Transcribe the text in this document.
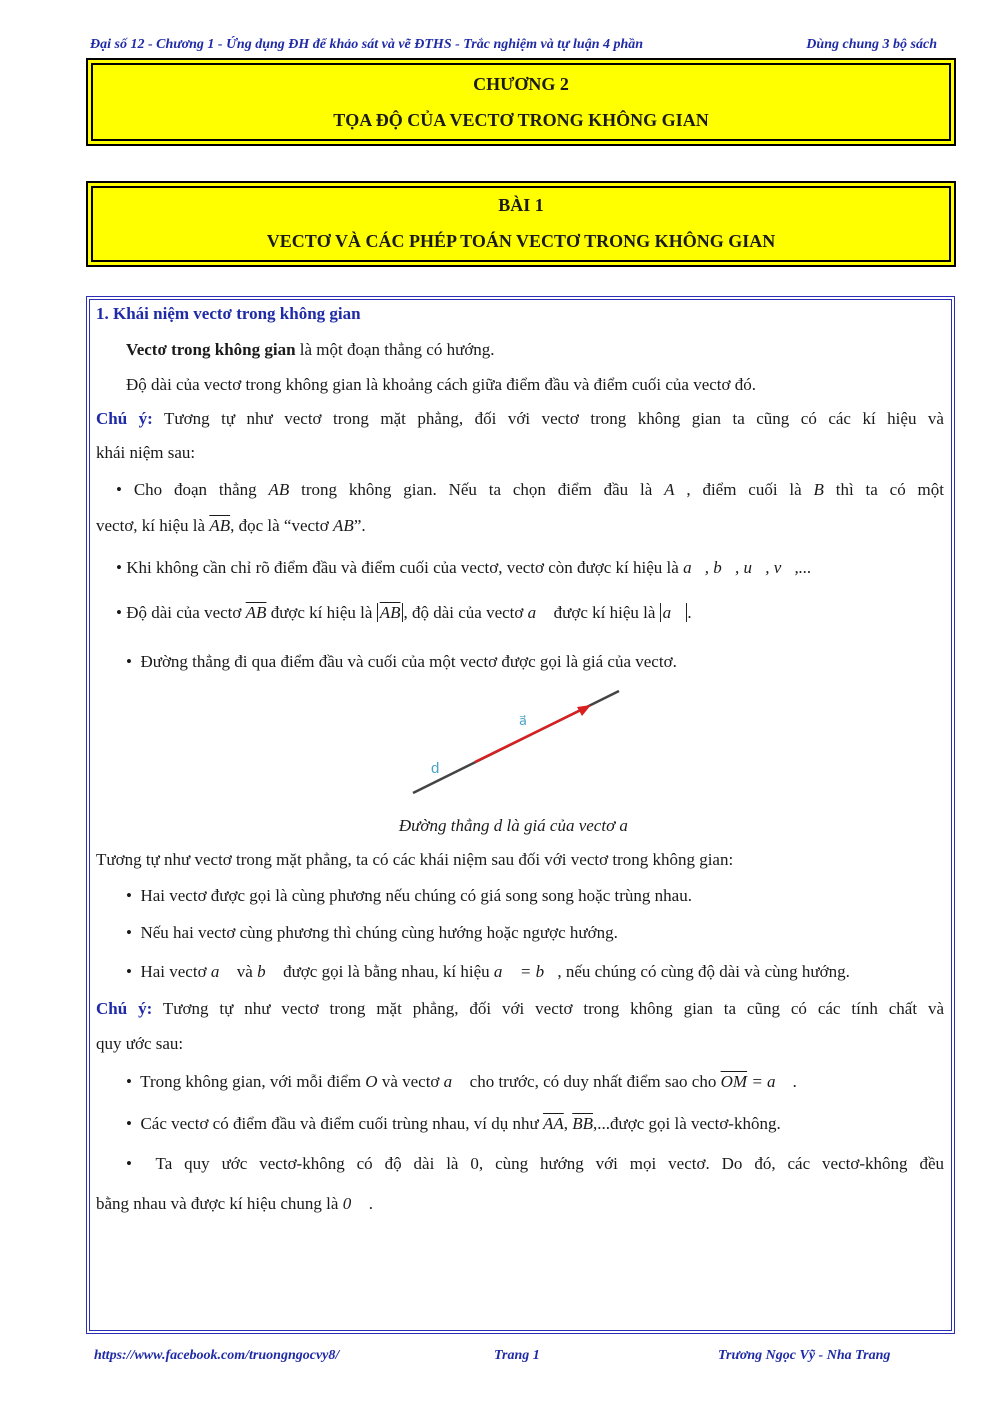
Đại số 12 - Chương 1 - Ứng dụng ĐH để khảo sát và vẽ ĐTHS - Trắc nghiệm và tự luận 4 phần	Dùng chung 3 bộ sách
CHƯƠNG 2
TỌA ĐỘ CỦA VECTƠ TRONG KHÔNG GIAN
BÀI 1
VECTƠ VÀ CÁC PHÉP TOÁN VECTƠ TRONG KHÔNG GIAN
1. Khái niệm vectơ trong không gian
Vectơ trong không gian là một đoạn thẳng có hướng.
Độ dài của vectơ trong không gian là khoảng cách giữa điểm đầu và điểm cuối của vectơ đó.
Chú ý: Tương tự như vectơ trong mặt phẳng, đối với vectơ trong không gian ta cũng có các kí hiệu và
khái niệm sau:
• Cho đoạn thẳng AB trong không gian. Nếu ta chọn điểm đầu là A , điểm cuối là B thì ta có một
vectơ, kí hiệu là $\overline{AB}$, đọc là “vectơ AB”.
• Khi không cần chỉ rõ điểm đầu và điểm cuối của vectơ, vectơ còn được kí hiệu là a⃗, b⃗, u⃗, v⃗,...
• Độ dài của vectơ $\overline{AB}$ được kí hiệu là $\overline{AB}$ , độ dài của vectơ a⃗ được kí hiệu là a⃗ .
• Đường thẳng đi qua điểm đầu và cuối của một vectơ được gọi là giá của vectơ.
a⃗
d
Đường thẳng d là giá của vectơ a⃗
Tương tự như vectơ trong mặt phẳng, ta có các khái niệm sau đối với vectơ trong không gian:
• Hai vectơ được gọi là cùng phương nếu chúng có giá song song hoặc trùng nhau.
• Nếu hai vectơ cùng phương thì chúng cùng hướng hoặc ngược hướng.
• Hai vectơ a⃗ và b⃗ được gọi là bằng nhau, kí hiệu a⃗ = b⃗, nếu chúng có cùng độ dài và cùng hướng.
Chú ý: Tương tự như vectơ trong mặt phẳng, đối với vectơ trong không gian ta cũng có các tính chất và
quy ước sau:
• Trong không gian, với mỗi điểm O và vectơ a⃗ cho trước, có duy nhất điểm sao cho $\overline{OM}$ = a⃗ .
• Các vectơ có điểm đầu và điểm cuối trùng nhau, ví dụ như $\overline{AA}$, $\overline{BB},...được$ gọi là vectơ-không.
• Ta quy ước vectơ-không có độ dài là 0, cùng hướng với mọi vectơ. Do đó, các vectơ-không đều
bằng nhau và được kí hiệu chung là 0⃗ .
https://www.facebook.com/truongngocvy8/	Trang 1	Trương Ngọc Vỹ - Nha Trang
